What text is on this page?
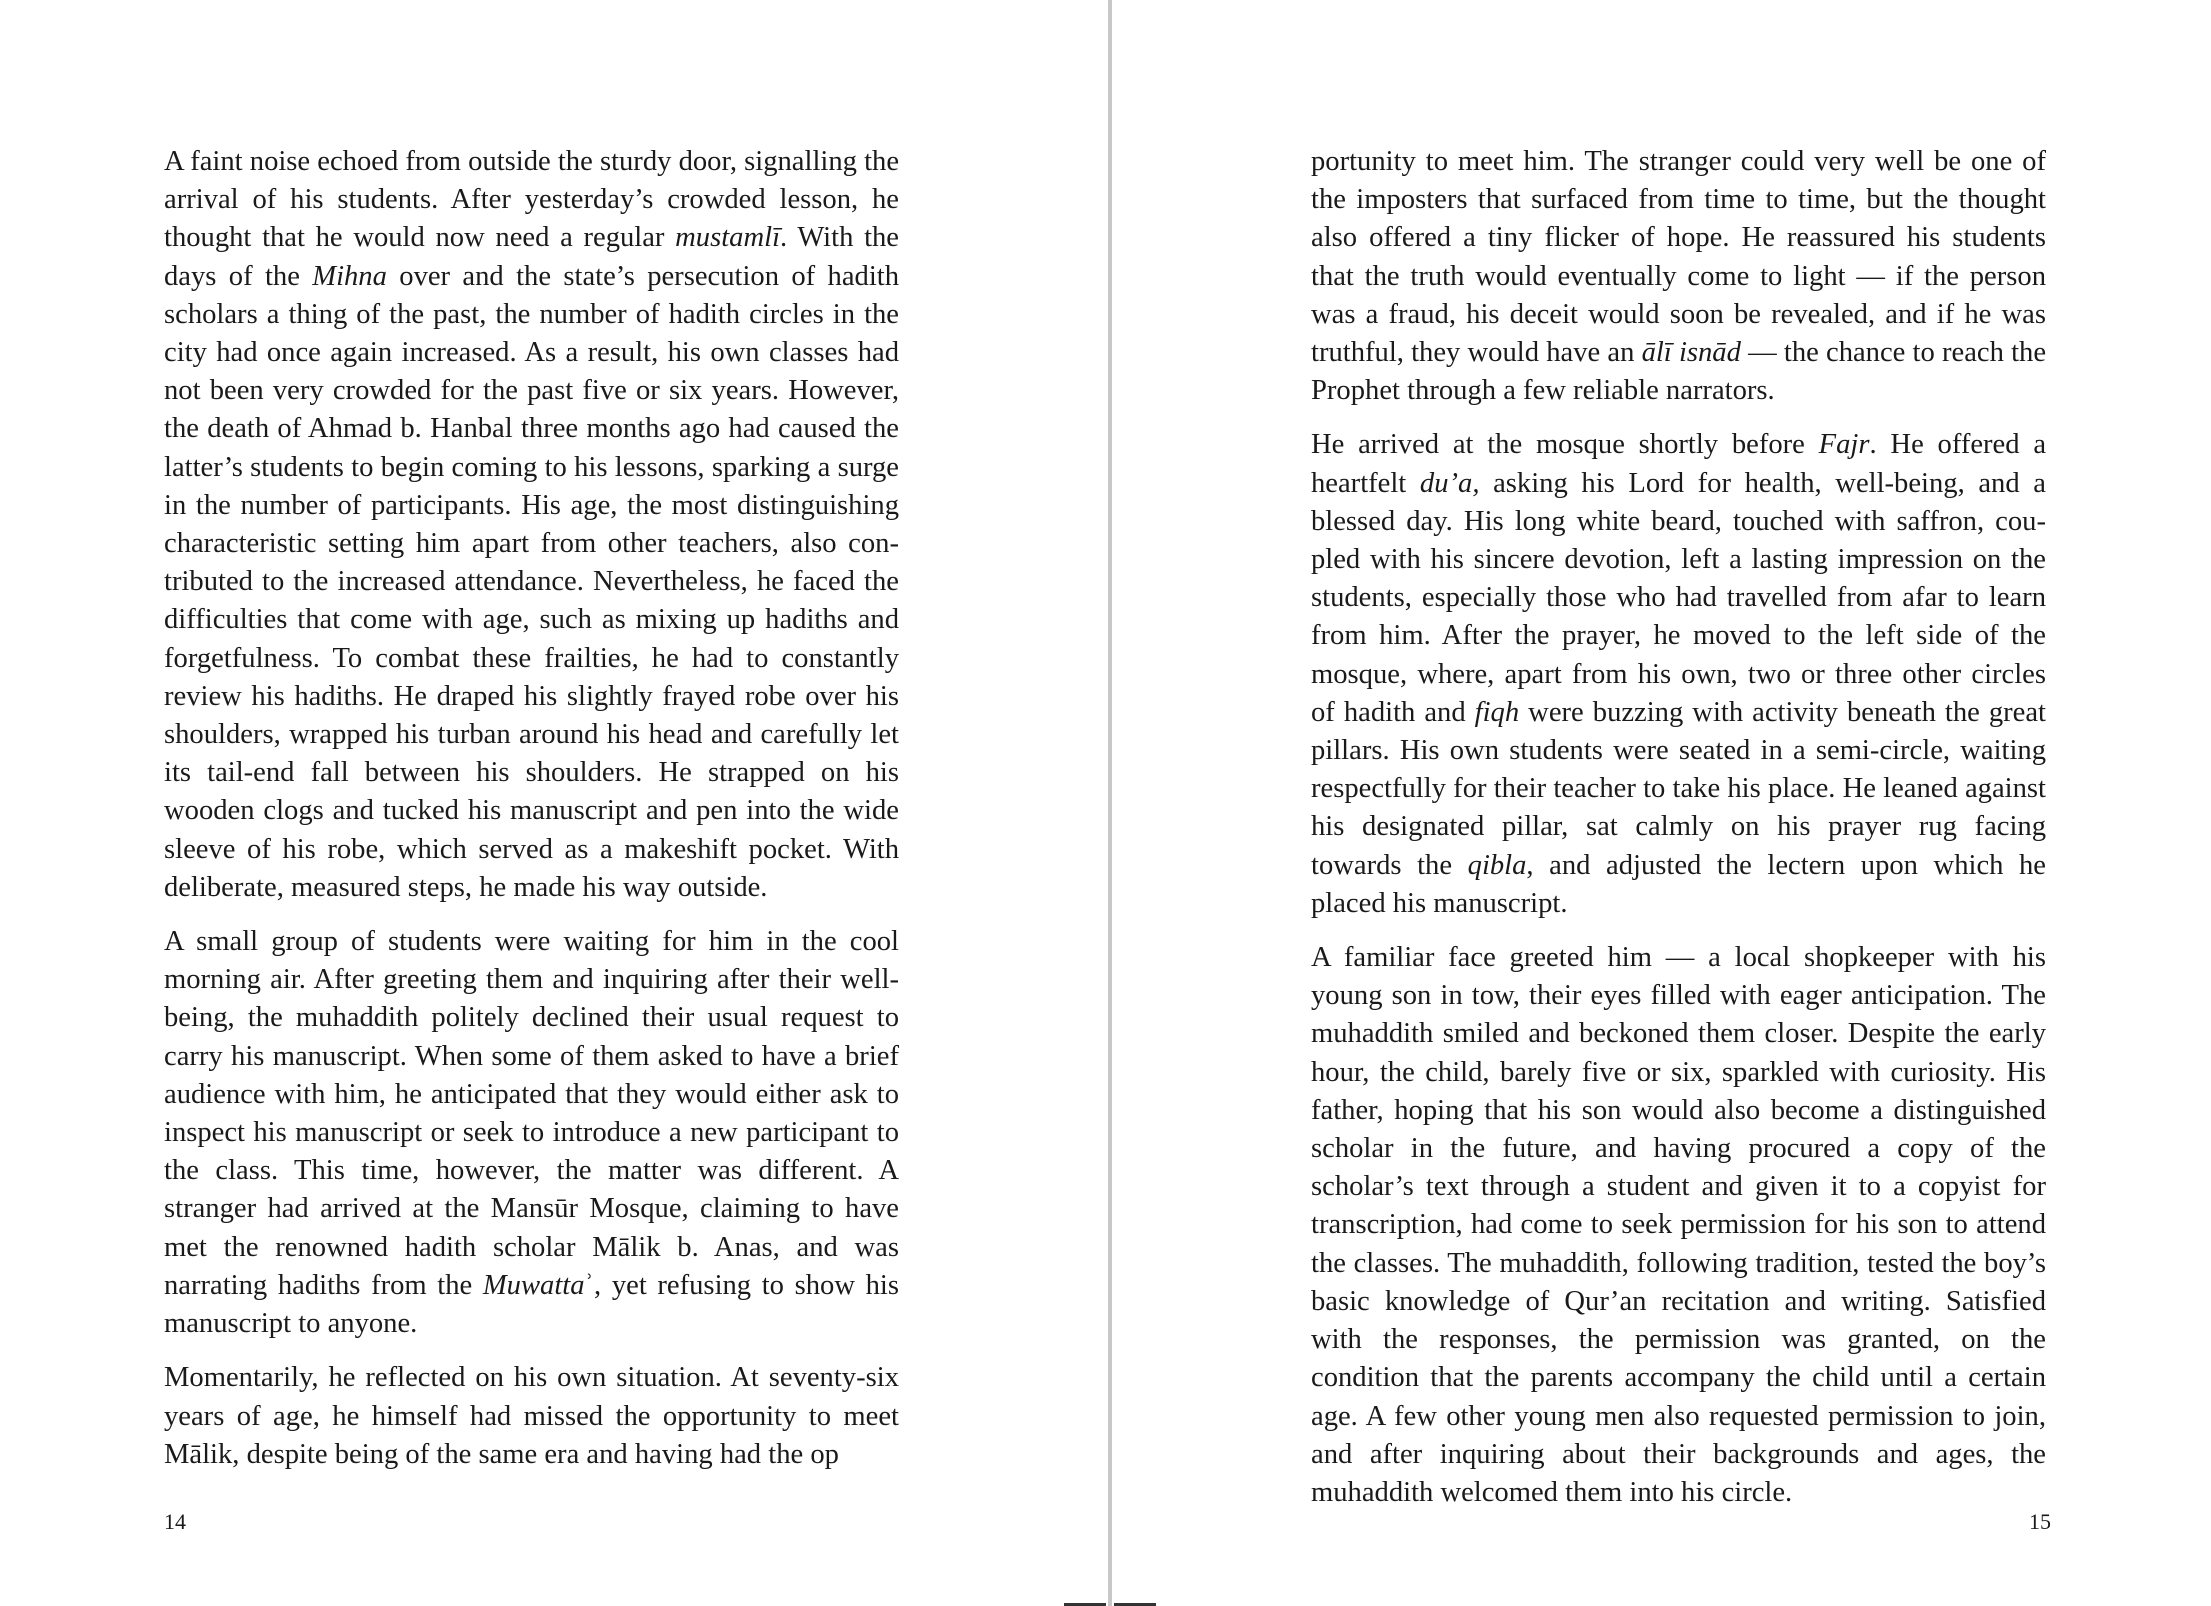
A faint noise echoed from outside the sturdy door, signalling the arrival of his students. After yesterday’s crowded lesson, he thought that he would now need a regular mustamlī. With the days of the Mihna over and the state’s persecution of hadith scholars a thing of the past, the number of hadith circles in the city had once again increased. As a result, his own classes had not been very crowded for the past five or six years. However, the death of Ahmad b. Hanbal three months ago had caused the latter’s students to begin coming to his lessons, sparking a surge in the number of participants. His age, the most distinguishing characteristic setting him apart from other teachers, also contributed to the increased attendance. Nevertheless, he faced the difficulties that come with age, such as mixing up hadiths and forgetfulness. To combat these frailties, he had to constantly review his hadiths. He draped his slightly frayed robe over his shoulders, wrapped his turban around his head and carefully let its tail-end fall between his shoulders. He strapped on his wooden clogs and tucked his manuscript and pen into the wide sleeve of his robe, which served as a makeshift pocket. With deliberate, measured steps, he made his way outside.

A small group of students were waiting for him in the cool morning air. After greeting them and inquiring after their well-being, the muhaddith politely declined their usual request to carry his manuscript. When some of them asked to have a brief audience with him, he anticipated that they would either ask to inspect his manuscript or seek to introduce a new participant to the class. This time, however, the matter was different. A stranger had arrived at the Mansūr Mosque, claiming to have met the renowned hadith scholar Mālik b. Anas, and was narrating hadiths from the Muwattaʾ, yet refusing to show his manuscript to anyone.

Momentarily, he reflected on his own situation. At seventy-six years of age, he himself had missed the opportunity to meet Mālik, despite being of the same era and having had the op

14

portunity to meet him. The stranger could very well be one of the imposters that surfaced from time to time, but the thought also offered a tiny flicker of hope. He reassured his students that the truth would eventually come to light — if the person was a fraud, his deceit would soon be revealed, and if he was truthful, they would have an ālī isnād — the chance to reach the Prophet through a few reliable narrators.

He arrived at the mosque shortly before Fajr. He offered a heartfelt du’a, asking his Lord for health, well-being, and a blessed day. His long white beard, touched with saffron, coupled with his sincere devotion, left a lasting impression on the students, especially those who had travelled from afar to learn from him. After the prayer, he moved to the left side of the mosque, where, apart from his own, two or three other circles of hadith and fiqh were buzzing with activity beneath the great pillars. His own students were seated in a semi-circle, waiting respectfully for their teacher to take his place. He leaned against his designated pillar, sat calmly on his prayer rug facing towards the qibla, and adjusted the lectern upon which he placed his manuscript.

A familiar face greeted him — a local shopkeeper with his young son in tow, their eyes filled with eager anticipation. The muhaddith smiled and beckoned them closer. Despite the early hour, the child, barely five or six, sparkled with curiosity. His father, hoping that his son would also become a distinguished scholar in the future, and having procured a copy of the scholar’s text through a student and given it to a copyist for transcription, had come to seek permission for his son to attend the classes. The muhaddith, following tradition, tested the boy’s basic knowledge of Qur’an recitation and writing. Satisfied with the responses, the permission was granted, on the condition that the parents accompany the child until a certain age. A few other young men also requested permission to join, and after inquiring about their backgrounds and ages, the muhaddith welcomed them into his circle.

15
